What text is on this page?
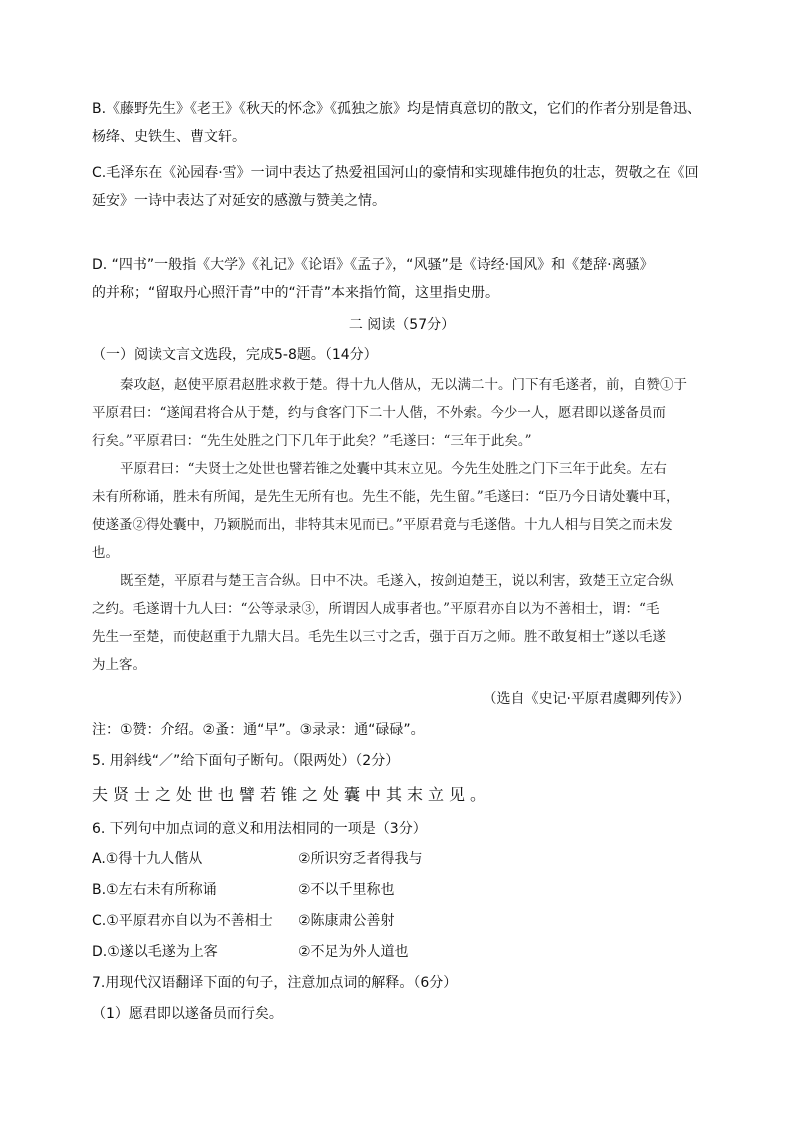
B.《藤野先生》《老王》《秋天的怀念》《孤独之旅》均是情真意切的散文，它们的作者分别是鲁迅、
杨绛、史铁生、曹文轩。
C.毛泽东在《沁园春·雪》一词中表达了热爱祖国河山的豪情和实现雄伟抱负的壮志，贺敬之在《回
延安》一诗中表达了对延安的感激与赞美之情。
D. “四书”一般指《大学》《礼记》《论语》《孟子》，“风骚”是《诗经·国风》和《楚辞·离骚》
的并称；“留取丹心照汗青”中的“汗青”本来指竹简，这里指史册。
二 阅读（57分）
（一）阅读文言文选段，完成5-8题。（14分）
秦攻赵，赵使平原君赵胜求救于楚。得十九人偕从，无以满二十。门下有毛遂者，前，自赞①于
平原君曰：“遂闻君将合从于楚，约与食客门下二十人偕，不外索。今少一人，愿君即以遂备员而
行矣。”平原君曰：“先生处胜之门下几年于此矣？”毛遂曰：“三年于此矣。”
平原君曰：“夫贤士之处世也譬若锥之处囊中其末立见。今先生处胜之门下三年于此矣。左右
未有所称诵，胜未有所闻，是先生无所有也。先生不能，先生留。”毛遂曰：“臣乃今日请处囊中耳，
使遂蚤②得处囊中，乃颖脱而出，非特其末见而已。”平原君竟与毛遂偕。十九人相与目笑之而未发
也。
既至楚，平原君与楚王言合纵。日中不决。毛遂入，按剑迫楚王，说以利害，致楚王立定合纵
之约。毛遂谓十九人曰：“公等录录③，所谓因人成事者也。”平原君亦自以为不善相士，谓：“毛
先生一至楚，而使赵重于九鼎大吕。毛先生以三寸之舌，强于百万之师。胜不敢复相士”遂以毛遂
为上客。
（选自《史记·平原君虞卿列传》）
注：①赞：介绍。②蚤：通“早”。③录录：通“碌碌”。
5. 用斜线“／”给下面句子断句。（限两处）（2分）
夫贤士之处世也譬若锥之处囊中其末立见。
6. 下列句中加点词的意义和用法相同的一项是（3分）
A.①得十九人偕从	②所识穷乏者得我与
B.①左右未有所称诵	②不以千里称也
C.①平原君亦自以为不善相士 ②陈康肃公善射
D.①遂以毛遂为上客	②不足为外人道也
7.用现代汉语翻译下面的句子，注意加点词的解释。（6分）
（1）愿君即以遂备员而行矣。
